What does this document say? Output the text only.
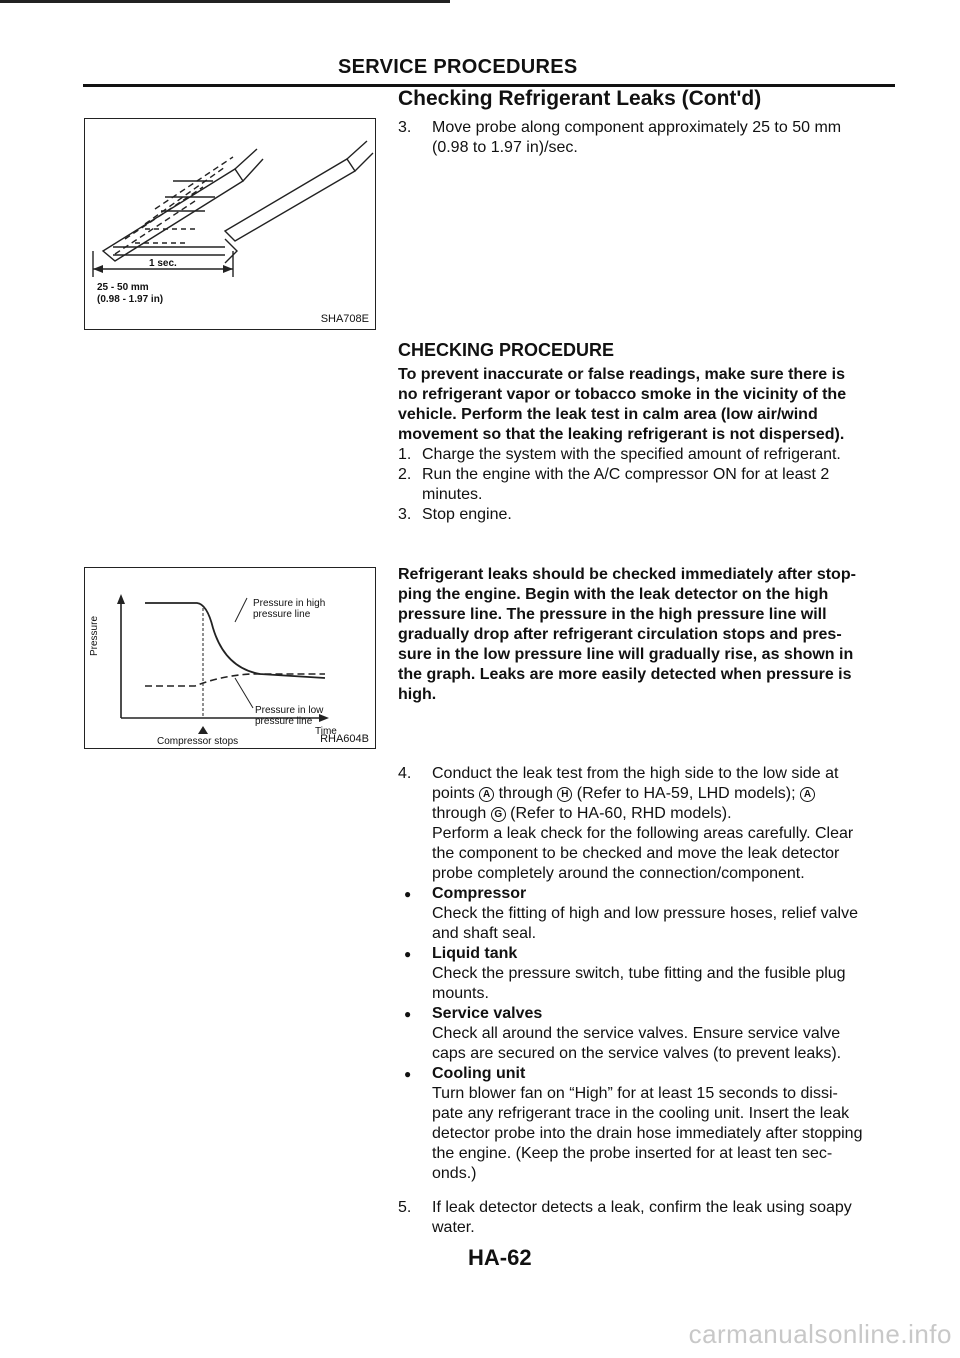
SERVICE PROCEDURES
Checking Refrigerant Leaks (Cont'd)
3. Move probe along component approximately 25 to 50 mm
(0.98 to 1.97 in)/sec.
1 sec.
25 - 50 mm
(0.98 - 1.97 in)
SHA708E
CHECKING PROCEDURE
To prevent inaccurate or false readings, make sure there is
no refrigerant vapor or tobacco smoke in the vicinity of the
vehicle. Perform the leak test in calm area (low air/wind
movement so that the leaking refrigerant is not dispersed).
1. Charge the system with the specified amount of refrigerant.
2. Run the engine with the A/C compressor ON for at least 2
minutes.
3. Stop engine.
Refrigerant leaks should be checked immediately after stop-
ping the engine. Begin with the leak detector on the high
pressure line. The pressure in the high pressure line will
gradually drop after refrigerant circulation stops and pres-
sure in the low pressure line will gradually rise, as shown in
the graph. Leaks are more easily detected when pressure is
high.
Pressure
Pressure in high
pressure line
Pressure in low
pressure line
Time
Compressor stops	RHA604B
4. Conduct the leak test from the high side to the low side at
points A through H (Refer to HA-59, LHD models); A
through G (Refer to HA-60, RHD models).
Perform a leak check for the following areas carefully. Clear
the component to be checked and move the leak detector
probe completely around the connection/component.
● Compressor
Check the fitting of high and low pressure hoses, relief valve
and shaft seal.
● Liquid tank
Check the pressure switch, tube fitting and the fusible plug
mounts.
● Service valves
Check all around the service valves. Ensure service valve
caps are secured on the service valves (to prevent leaks).
● Cooling unit
Turn blower fan on “High” for at least 15 seconds to dissi-
pate any refrigerant trace in the cooling unit. Insert the leak
detector probe into the drain hose immediately after stopping
the engine. (Keep the probe inserted for at least ten sec-
onds.)
5. If leak detector detects a leak, confirm the leak using soapy
water.
HA-62
carmanualsonline.info
